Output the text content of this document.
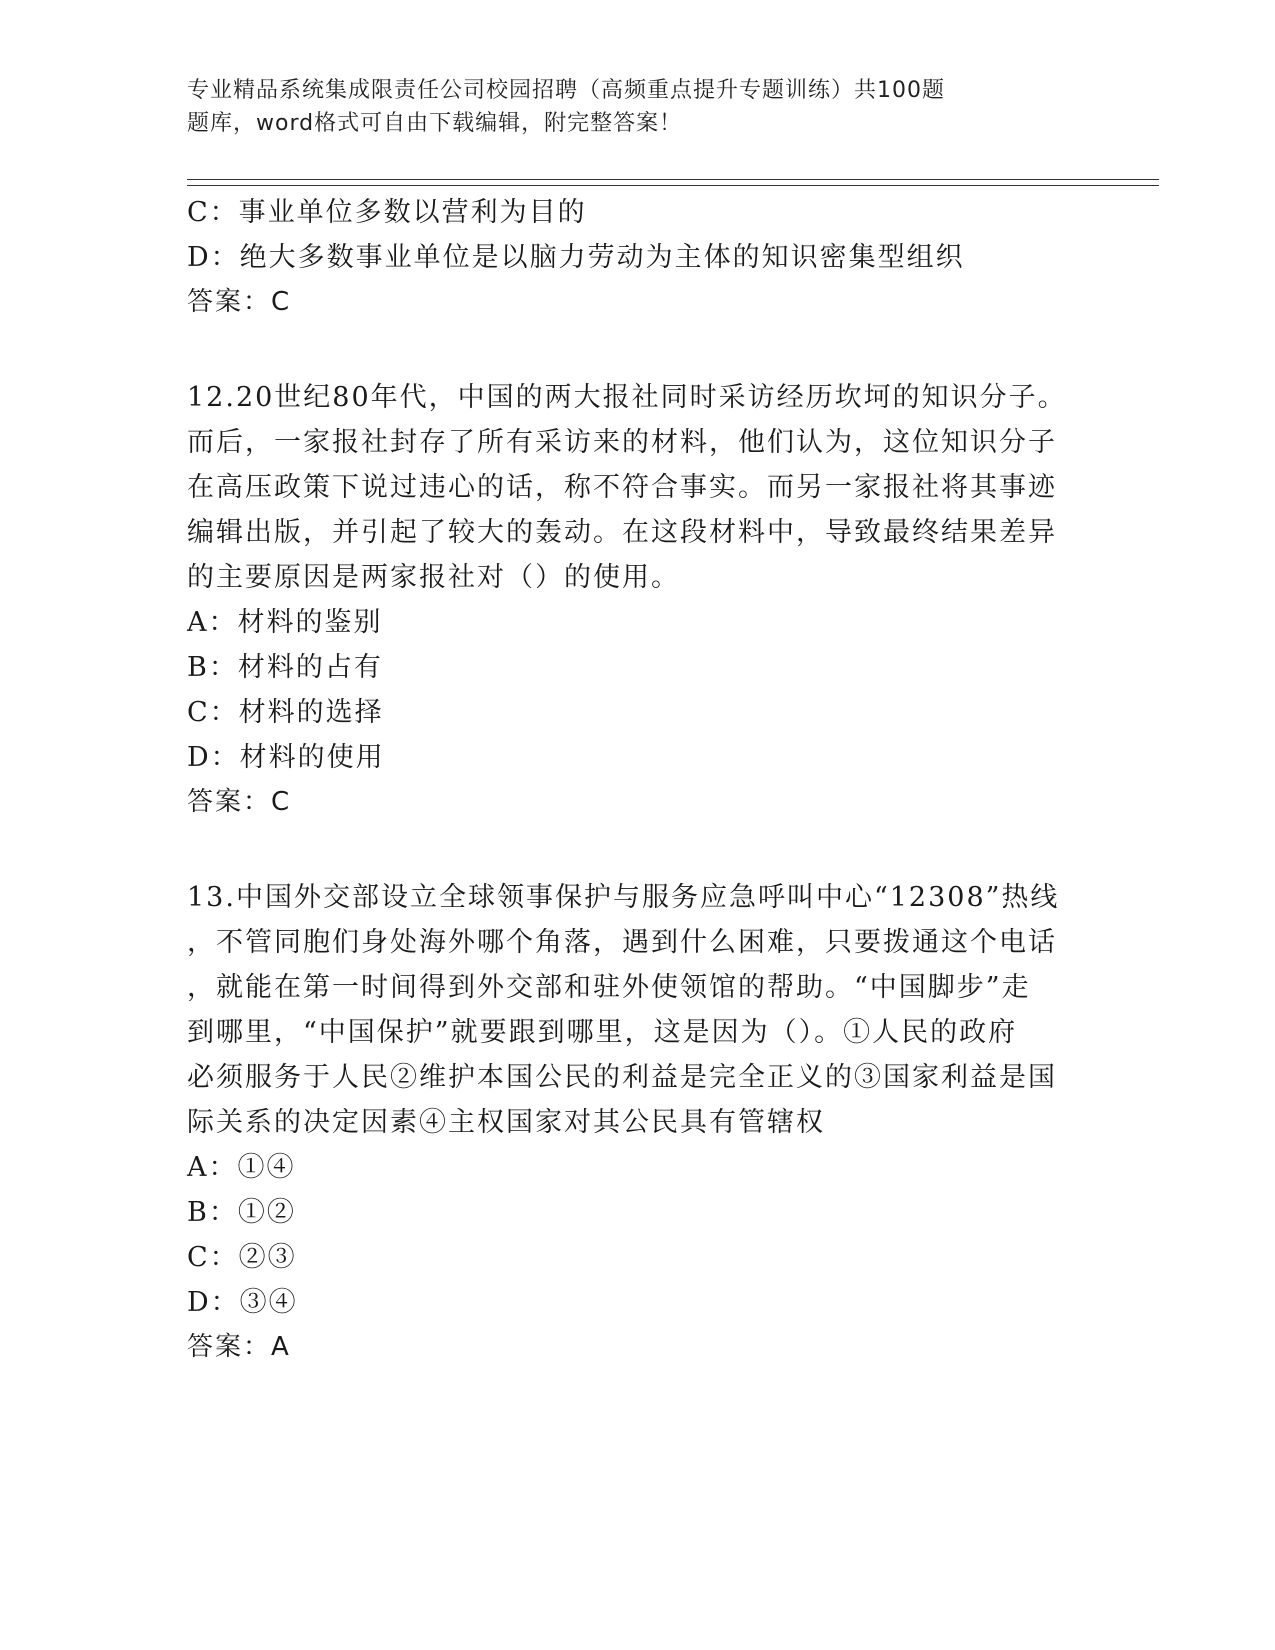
专业精品系统集成限责任公司校园招聘（高频重点提升专题训练）共100题
题库，word格式可自由下载编辑，附完整答案！
C：事业单位多数以营利为目的
D：绝大多数事业单位是以脑力劳动为主体的知识密集型组织
答案：C
12.20世纪80年代，中国的两大报社同时采访经历坎坷的知识分子。
而后，一家报社封存了所有采访来的材料，他们认为，这位知识分子
在高压政策下说过违心的话，称不符合事实。而另一家报社将其事迹
编辑出版，并引起了较大的轰动。在这段材料中，导致最终结果差异
的主要原因是两家报社对（）的使用。
A：材料的鉴别
B：材料的占有
C：材料的选择
D：材料的使用
答案：C
13.中国外交部设立全球领事保护与服务应急呼叫中心“12308”热线
，不管同胞们身处海外哪个角落，遇到什么困难，只要拨通这个电话
，就能在第一时间得到外交部和驻外使领馆的帮助。“中国脚步”走
到哪里，“中国保护”就要跟到哪里，这是因为（）。①人民的政府
必须服务于人民②维护本国公民的利益是完全正义的③国家利益是国
际关系的决定因素④主权国家对其公民具有管辖权
A：①④
B：①②
C：②③
D：③④
答案：A
